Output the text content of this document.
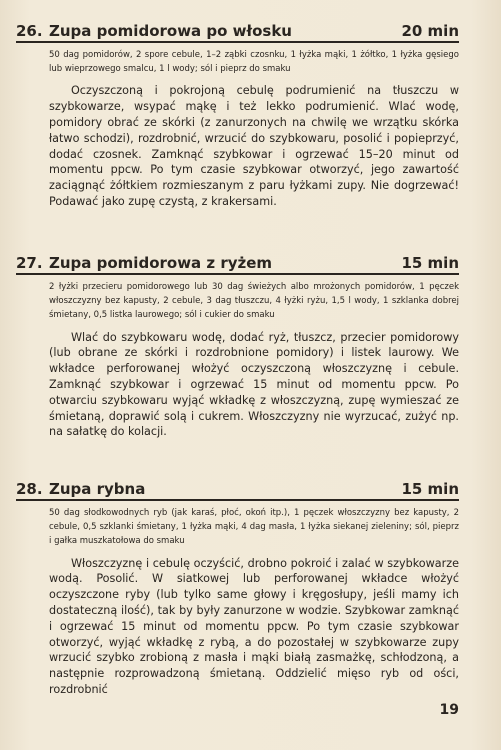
26. Zupa pomidorowa po włosku	20 min
50 dag pomidorów, 2 spore cebule, 1–2 ząbki czosnku, 1 łyżka mąki, 1 żółtko, 1 łyżka gęsiego lub wieprzowego smalcu, 1 l wody; sól i pieprz do smaku
Oczyszczoną i pokrojoną cebulę podrumienić na tłuszczu w szybkowarze, wsypać mąkę i też lekko podrumienić. Wlać wodę, pomidory obrać ze skórki (z zanurzonych na chwilę we wrzątku skórka łatwo schodzi), rozdrobnić, wrzucić do szybkowaru, posolić i popieprzyć, dodać czosnek. Zamknąć szybkowar i ogrzewać 15–20 minut od momentu ppcw. Po tym czasie szybkowar otworzyć, jego zawartość zaciągnąć żółtkiem rozmieszanym z paru łyżkami zupy. Nie dogrzewać! Podawać jako zupę czystą, z krakersami.
27. Zupa pomidorowa z ryżem	15 min
2 łyżki przecieru pomidorowego lub 30 dag świeżych albo mrożonych pomidorów, 1 pęczek włoszczyzny bez kapusty, 2 cebule, 3 dag tłuszczu, 4 łyżki ryżu, 1,5 l wody, 1 szklanka dobrej śmietany, 0,5 listka laurowego; sól i cukier do smaku
Wlać do szybkowaru wodę, dodać ryż, tłuszcz, przecier pomidorowy (lub obrane ze skórki i rozdrobnione pomidory) i listek laurowy. We wkładce perforowanej włożyć oczyszczoną włoszczyznę i cebule. Zamknąć szybkowar i ogrzewać 15 minut od momentu ppcw. Po otwarciu szybkowaru wyjąć wkładkę z włoszczyzną, zupę wymieszać ze śmietaną, doprawić solą i cukrem. Włoszczyzny nie wyrzucać, zużyć np. na sałatkę do kolacji.
28. Zupa rybna	15 min
50 dag słodkowodnych ryb (jak karaś, płoć, okoń itp.), 1 pęczek włoszczyzny bez kapusty, 2 cebule, 0,5 szklanki śmietany, 1 łyżka mąki, 4 dag masła, 1 łyżka siekanej zieleniny; sól, pieprz i gałka muszkatołowa do smaku
Włoszczyznę i cebulę oczyścić, drobno pokroić i zalać w szybkowarze wodą. Posolić. W siatkowej lub perforowanej wkładce włożyć oczyszczone ryby (lub tylko same głowy i kręgosłupy, jeśli mamy ich dostateczną ilość), tak by były zanurzone w wodzie. Szybkowar zamknąć i ogrzewać 15 minut od momentu ppcw. Po tym czasie szybkowar otworzyć, wyjąć wkładkę z rybą, a do pozostałej w szybkowarze zupy wrzucić szybko zrobioną z masła i mąki białą zasmażkę, schłodzoną, a następnie rozprowadzoną śmietaną. Oddzielić mięso ryb od ości, rozdrobnić
19
